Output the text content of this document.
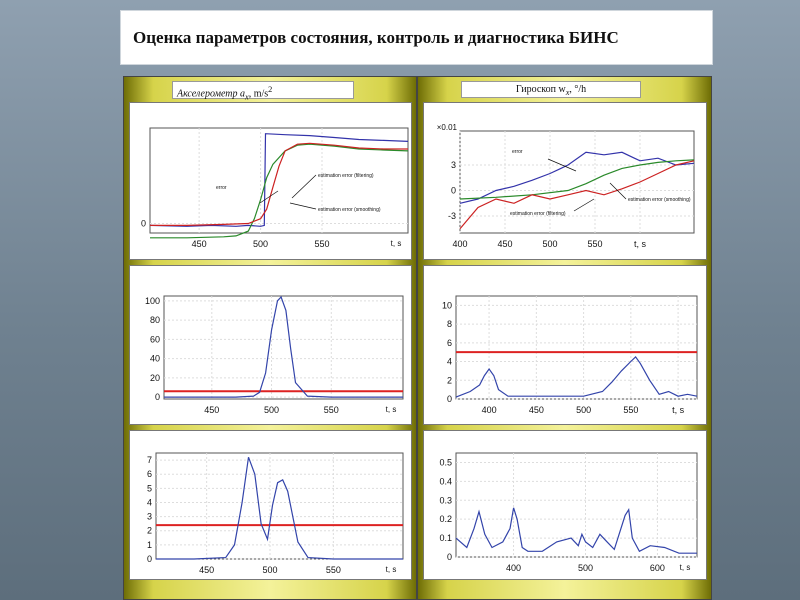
Оценка параметров состояния, контроль и диагностика БИНС
Акселерометр $a_x$, $m/s^2$
450	500	550	t, s
0
error
estimation error (filtering)
estimation error (smoothing)
450	500	550	t, s
100
80
60
40
20
0
450	500	550	t, s
7
6
5
4
3
2
1
0
Гироскоп $w_x$, °/h
400	450	500	550	t, s
×0.01
3
0
-3
error
estimation error (smoothing)
estimation error (filtering)
400	450	500	550	t, s
10
8
6
4
2
0
400	500	600 t, s
0.5
0.4
0.3
0.2
0.1
0
